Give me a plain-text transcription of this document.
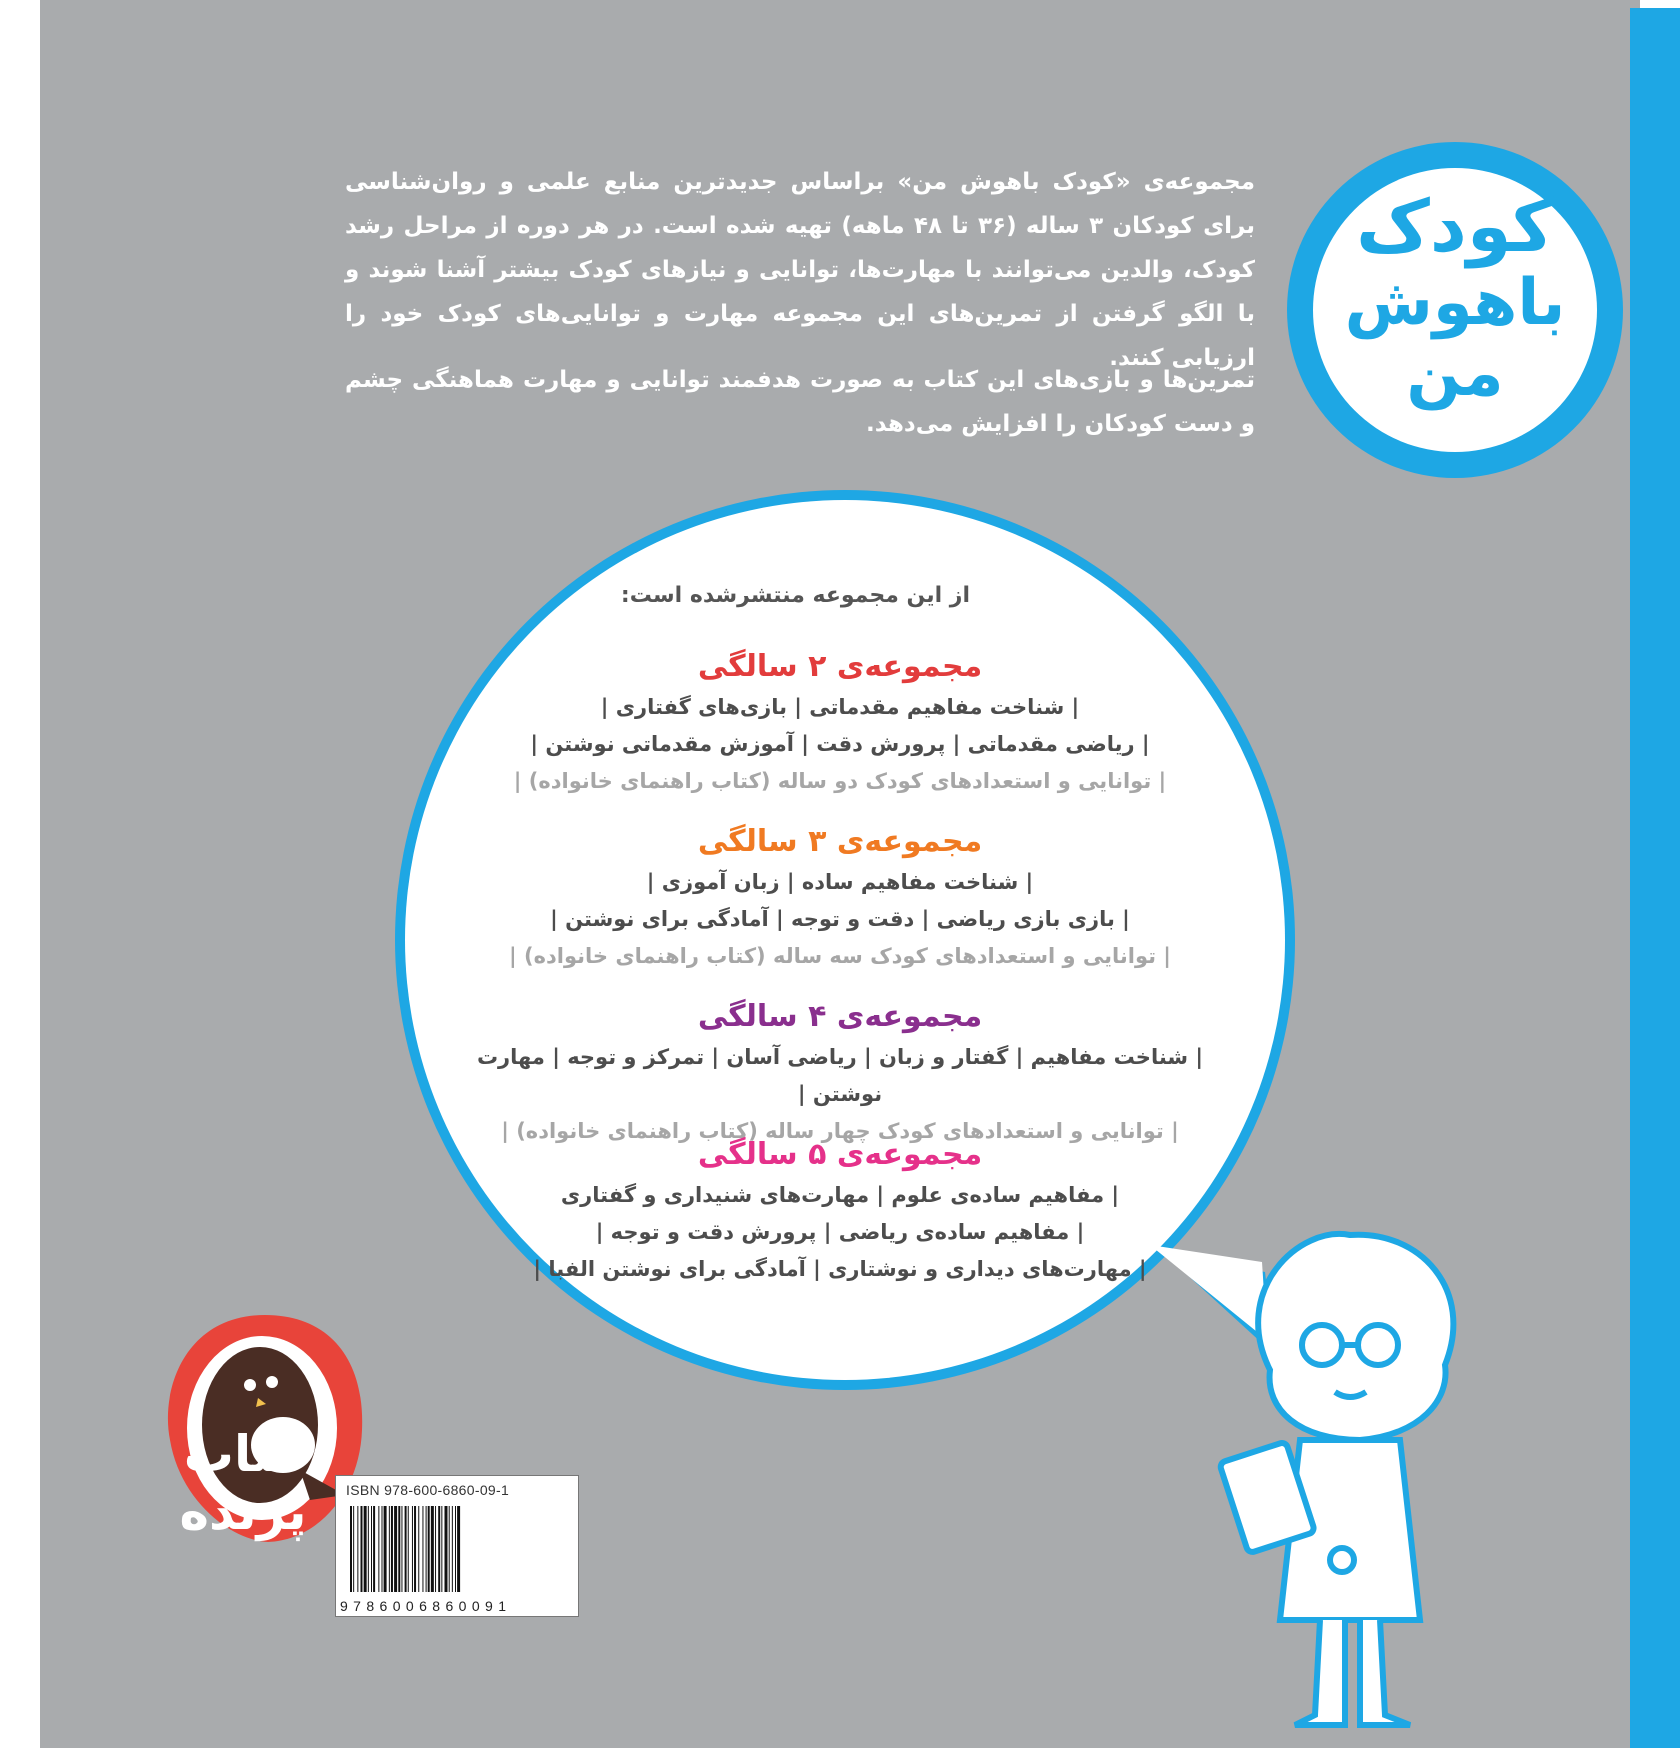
مجموعه‌ی «کودک باهوش من» براساس جدیدترین منابع علمی و روان‌شناسی برای کودکان ۳ ساله (۳۶ تا ۴۸ ماهه) تهیه شده است. در هر دوره از مراحل رشد کودک، والدین می‌توانند با مهارت‌ها، توانایی و نیازهای کودک بیشتر آشنا شوند و با الگو گرفتن از تمرین‌های این مجموعه مهارت و توانایی‌های کودک خود را ارزیابی کنند.
تمرین‌ها و بازی‌های این کتاب به صورت هدفمند توانایی و مهارت هماهنگی چشم و دست کودکان را افزایش می‌دهد.
کودک
باهوش
من
از این مجموعه منتشرشده است:
مجموعه‌ی ۲ سالگی
| شناخت مفاهیم مقدماتی | بازی‌های گفتاری |
| ریاضی مقدماتی | پرورش دقت | آموزش مقدماتی نوشتن |
| توانایی و استعدادهای کودک دو ساله (کتاب راهنمای خانواده) |
مجموعه‌ی ۳ سالگی
| شناخت مفاهیم ساده | زبان آموزی |
| بازی بازی ریاضی | دقت و توجه | آمادگی برای نوشتن |
| توانایی و استعدادهای کودک سه ساله (کتاب راهنمای خانواده) |
مجموعه‌ی ۴ سالگی
| شناخت مفاهیم | گفتار و زبان | ریاضی آسان | تمرکز و توجه | مهارت نوشتن |
| توانایی و استعدادهای کودک چهار ساله (کتاب راهنمای خانواده) |
مجموعه‌ی ۵ سالگی
| مفاهیم ساده‌ی علوم | مهارت‌های شنیداری و گفتاری
| مفاهیم ساده‌ی ریاضی | پرورش دقت و توجه |
| مهارت‌های دیداری و نوشتاری | آمادگی برای نوشتن الفبا |
کتاب
پرنده	ISBN 978-600-6860-09-1
9786006860091
